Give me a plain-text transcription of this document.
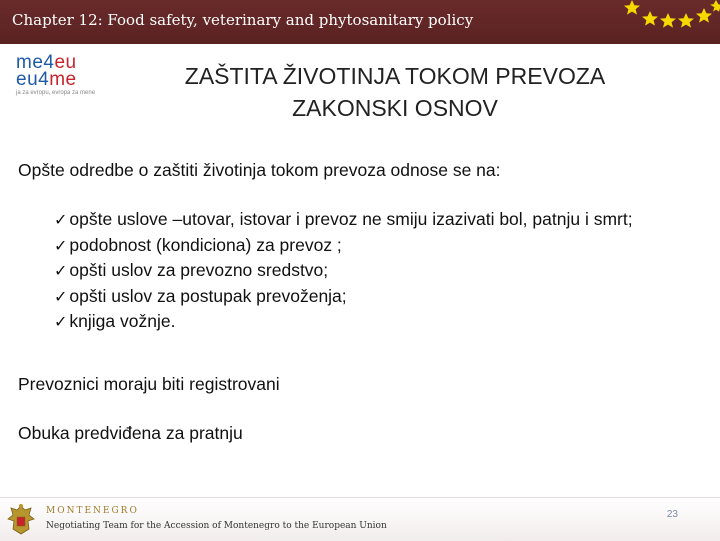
Chapter 12: Food safety, veterinary and phytosanitary policy
me4eu
eu4me
ja za evropu, evropa za mene
ZAŠTITA ŽIVOTINJA TOKOM PREVOZA
ZAKONSKI OSNOV
Opšte odredbe o zaštiti životinja tokom prevoza odnose se na:
✓ opšte uslove –utovar, istovar i prevoz ne smiju izazivati bol, patnju i smrt;
✓ podobnost (kondiciona) za prevoz ;
✓ opšti uslov za prevozno sredstvo;
✓ opšti uslov za postupak prevoženja;
✓ knjiga vožnje.
Prevoznici moraju biti registrovani
Obuka predviđena za pratnju
MONTENEGRO
Negotiating Team for the Accession of Montenegro to the European Union
23
